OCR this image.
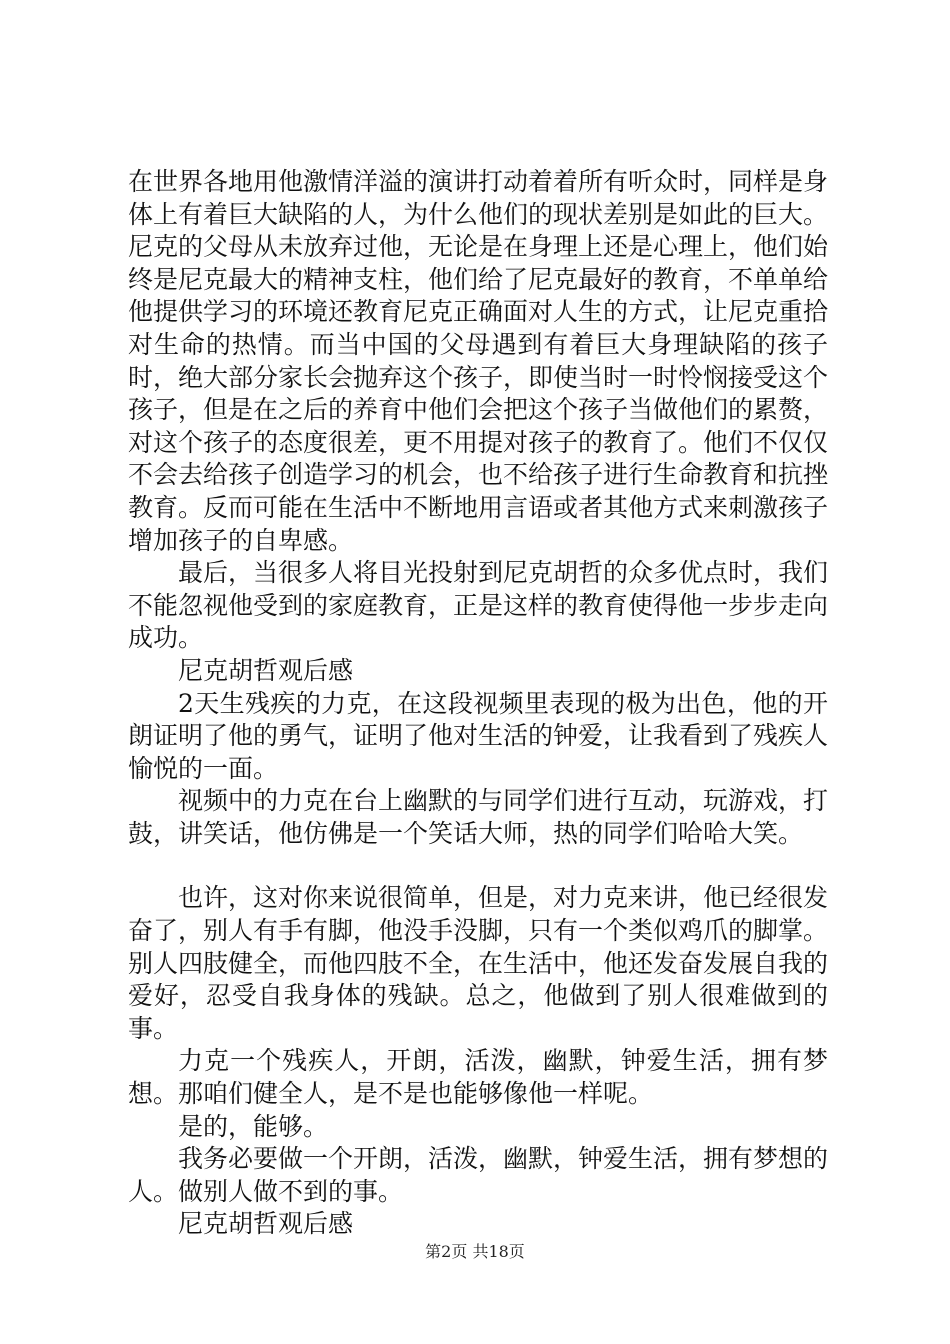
在世界各地用他激情洋溢的演讲打动着着所有听众时，同样是身体上有着巨大缺陷的人，为什么他们的现状差别是如此的巨大。尼克的父母从未放弃过他，无论是在身理上还是心理上，他们始终是尼克最大的精神支柱，他们给了尼克最好的教育，不单单给他提供学习的环境还教育尼克正确面对人生的方式，让尼克重拾对生命的热情。而当中国的父母遇到有着巨大身理缺陷的孩子时，绝大部分家长会抛弃这个孩子，即使当时一时怜悯接受这个孩子，但是在之后的养育中他们会把这个孩子当做他们的累赘，对这个孩子的态度很差，更不用提对孩子的教育了。他们不仅仅不会去给孩子创造学习的机会，也不给孩子进行生命教育和抗挫教育。反而可能在生活中不断地用言语或者其他方式来刺激孩子增加孩子的自卑感。

最后，当很多人将目光投射到尼克胡哲的众多优点时，我们不能忽视他受到的家庭教育，正是这样的教育使得他一步步走向成功。

尼克胡哲观后感

2天生残疾的力克，在这段视频里表现的极为出色，他的开朗证明了他的勇气，证明了他对生活的钟爱，让我看到了残疾人愉悦的一面。

视频中的力克在台上幽默的与同学们进行互动，玩游戏，打鼓，讲笑话，他仿佛是一个笑话大师，热的同学们哈哈大笑。

也许，这对你来说很简单，但是，对力克来讲，他已经很发奋了，别人有手有脚，他没手没脚，只有一个类似鸡爪的脚掌。别人四肢健全，而他四肢不全，在生活中，他还发奋发展自我的爱好，忍受自我身体的残缺。总之，他做到了别人很难做到的事。

力克一个残疾人，开朗，活泼，幽默，钟爱生活，拥有梦想。那咱们健全人，是不是也能够像他一样呢。

是的，能够。

我务必要做一个开朗，活泼，幽默，钟爱生活，拥有梦想的人。做别人做不到的事。

尼克胡哲观后感

第2页 共18页
